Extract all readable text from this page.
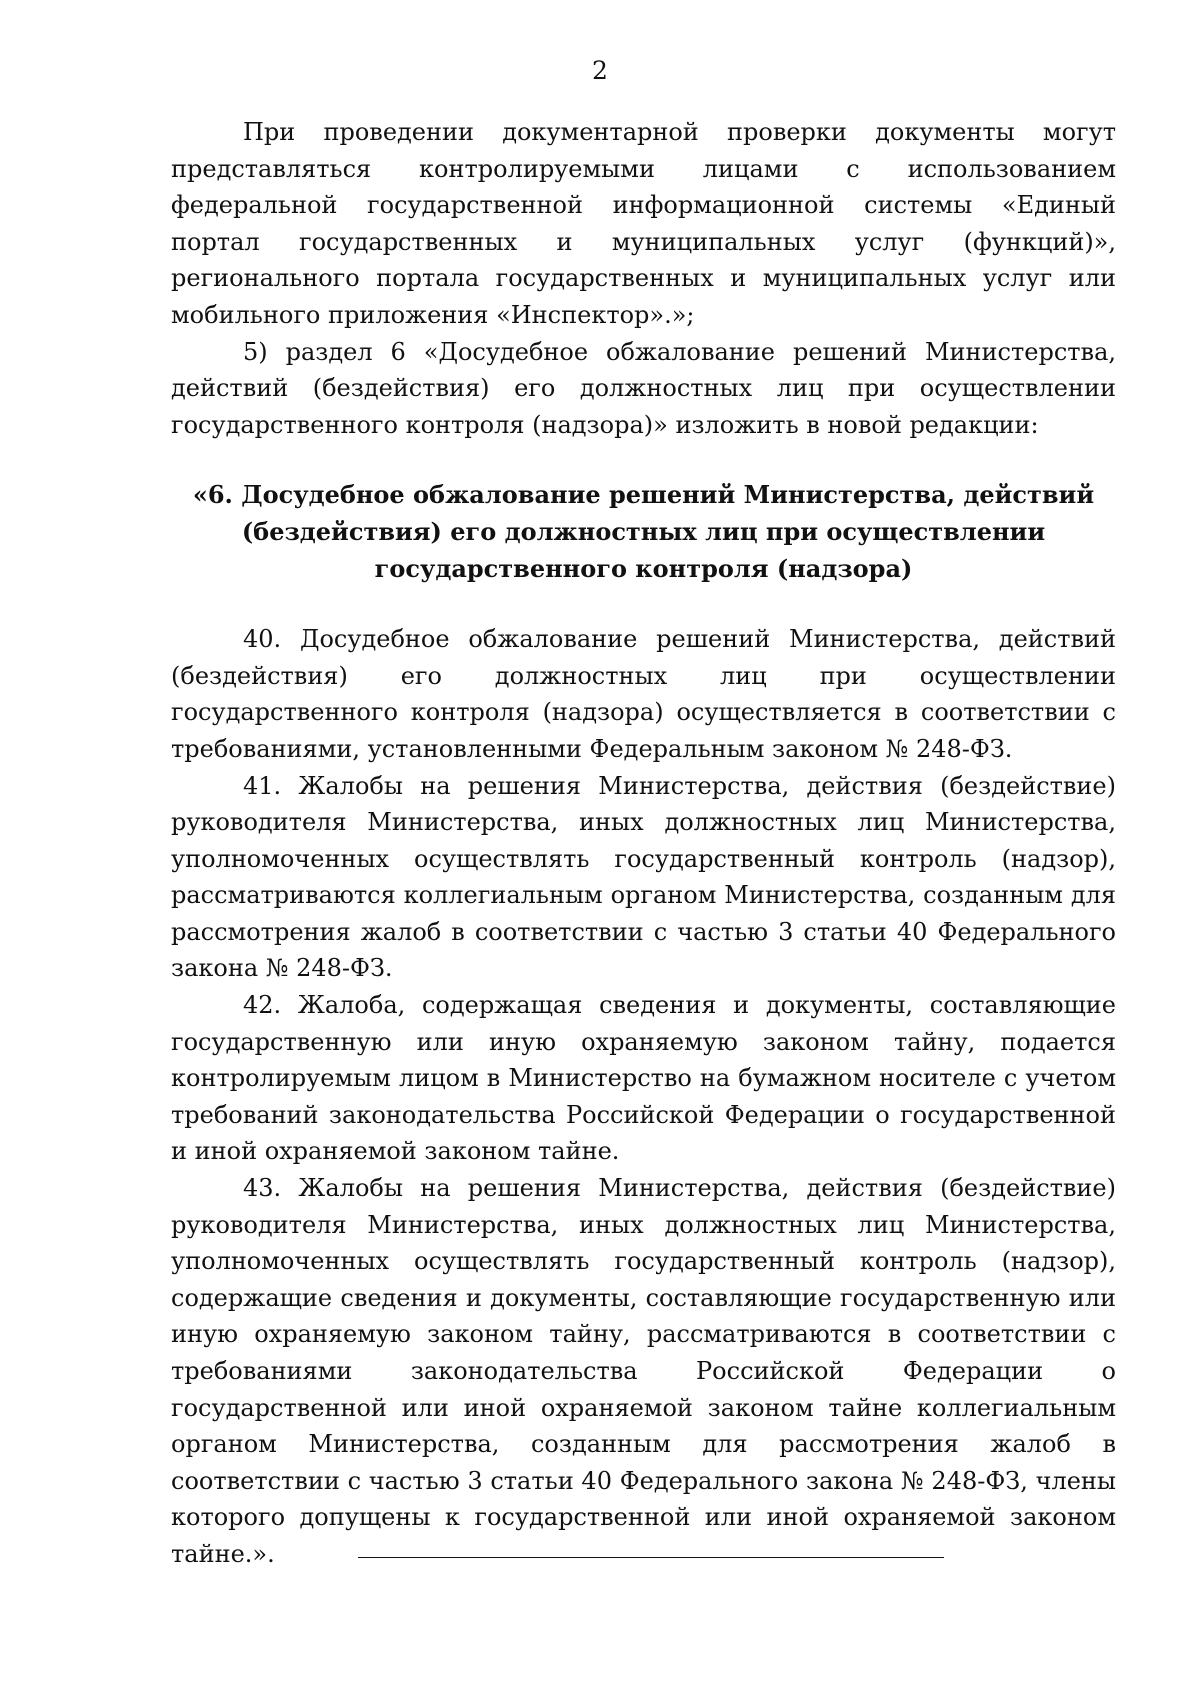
2

При проведении документарной проверки документы могут представляться контролируемыми лицами с использованием федеральной государственной информационной системы «Единый портал государственных и муниципальных услуг (функций)», регионального портала государственных и муниципальных услуг или мобильного приложения «Инспектор».»;

5) раздел 6 «Досудебное обжалование решений Министерства, действий (бездействия) его должностных лиц при осуществлении государственного контроля (надзора)» изложить в новой редакции:

«6. Досудебное обжалование решений Министерства, действий (бездействия) его должностных лиц при осуществлении государственного контроля (надзора)

40. Досудебное обжалование решений Министерства, действий (бездействия) его должностных лиц при осуществлении государственного контроля (надзора) осуществляется в соответствии с требованиями, установленными Федеральным законом № 248-ФЗ.

41. Жалобы на решения Министерства, действия (бездействие) руководителя Министерства, иных должностных лиц Министерства, уполномоченных осуществлять государственный контроль (надзор), рассматриваются коллегиальным органом Министерства, созданным для рассмотрения жалоб в соответствии с частью 3 статьи 40 Федерального закона № 248-ФЗ.

42. Жалоба, содержащая сведения и документы, составляющие государственную или иную охраняемую законом тайну, подается контролируемым лицом в Министерство на бумажном носителе с учетом требований законодательства Российской Федерации о государственной и иной охраняемой законом тайне.

43. Жалобы на решения Министерства, действия (бездействие) руководителя Министерства, иных должностных лиц Министерства, уполномоченных осуществлять государственный контроль (надзор), содержащие сведения и документы, составляющие государственную или иную охраняемую законом тайну, рассматриваются в соответствии с требованиями законодательства Российской Федерации о государственной или иной охраняемой законом тайне коллегиальным органом Министерства, созданным для рассмотрения жалоб в соответствии с частью 3 статьи 40 Федерального закона № 248-ФЗ, члены которого допущены к государственной или иной охраняемой законом тайне.».
